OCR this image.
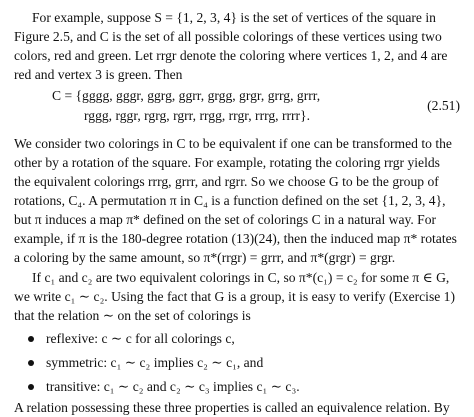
For example, suppose S = {1, 2, 3, 4} is the set of vertices of the square in
Figure 2.5, and C is the set of all possible colorings of these vertices using two
colors, red and green. Let rrgr denote the coloring where vertices 1, 2, and 4 are
red and vertex 3 is green. Then
C = {gggg, gggr, ggrg, ggrr, grgg, grgr, grrg, grrr,
rggg, rggr, rgrg, rgrr, rrgg, rrgr, rrrg, rrrr}.
(2.51)
We consider two colorings in C to be equivalent if one can be transformed to the
other by a rotation of the square. For example, rotating the coloring rrgr yields
the equivalent colorings rrrg, grrr, and rgrr. So we choose G to be the group of
rotations, C₄. A permutation π in C₄ is a function defined on the set {1, 2, 3, 4},
but π induces a map π* defined on the set of colorings C in a natural way. For
example, if π is the 180-degree rotation (13)(24), then the induced map π* rotates
a coloring by the same amount, so π*(rrgr) = grrr, and π*(grgr) = grgr.
If c₁ and c₂ are two equivalent colorings in C, so π*(c₁) = c₂ for some π ∈ G,
we write c₁ ∼ c₂. Using the fact that G is a group, it is easy to verify (Exercise 1)
that the relation ∼ on the set of colorings is
reflexive: c ∼ c for all colorings c,
symmetric: c₁ ∼ c₂ implies c₂ ∼ c₁, and
transitive: c₁ ∼ c₂ and c₂ ∼ c₃ implies c₁ ∼ c₃.
A relation possessing these three properties is called an equivalence relation. By
